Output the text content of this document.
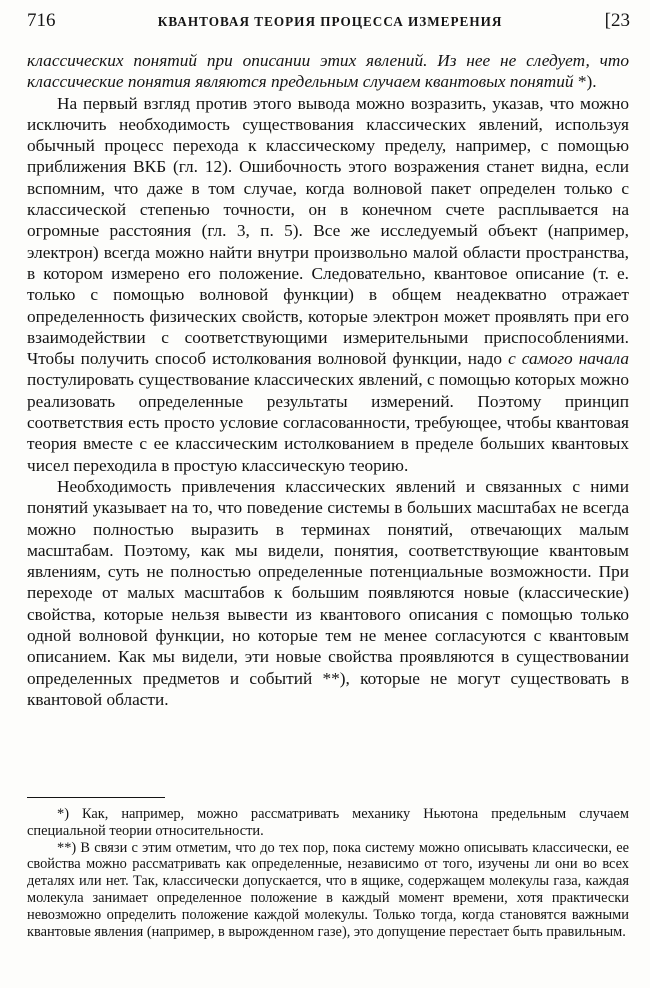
716	КВАНТОВАЯ ТЕОРИЯ ПРОЦЕССА ИЗМЕРЕНИЯ	[23

классических понятий при описании этих явлений. Из нее не следует, что классические понятия являются предельным случаем квантовых понятий *).

На первый взгляд против этого вывода можно возразить, указав, что можно исключить необходимость существования классических явлений, используя обычный процесс перехода к классическому пределу, например, с помощью приближения ВКБ (гл. 12). Ошибочность этого возражения станет видна, если вспомним, что даже в том случае, когда волновой пакет определен только с классической степенью точности, он в конечном счете расплывается на огромные расстояния (гл. 3, п. 5). Все же исследуемый объект (например, электрон) всегда можно найти внутри произвольно малой области пространства, в котором измерено его положение. Следовательно, квантовое описание (т. е. только с помощью волновой функции) в общем неадекватно отражает определенность физических свойств, которые электрон может проявлять при его взаимодействии с соответствующими измерительными приспособлениями. Чтобы получить способ истолкования волновой функции, надо с самого начала постулировать существование классических явлений, с помощью которых можно реализовать определенные результаты измерений. Поэтому принцип соответствия есть просто условие согласованности, требующее, чтобы квантовая теория вместе с ее классическим истолкованием в пределе больших квантовых чисел переходила в простую классическую теорию.

Необходимость привлечения классических явлений и связанных с ними понятий указывает на то, что поведение системы в больших масштабах не всегда можно полностью выразить в терминах понятий, отвечающих малым масштабам. Поэтому, как мы видели, понятия, соответствующие квантовым явлениям, суть не полностью определенные потенциальные возможности. При переходе от малых масштабов к большим появляются новые (классические) свойства, которые нельзя вывести из квантового описания с помощью только одной волновой функции, но которые тем не менее согласуются с квантовым описанием. Как мы видели, эти новые свойства проявляются в существовании определенных предметов и событий **), которые не могут существовать в квантовой области.

*) Как, например, можно рассматривать механику Ньютона предельным случаем специальной теории относительности.

**) В связи с этим отметим, что до тех пор, пока систему можно описывать классически, ее свойства можно рассматривать как определенные, независимо от того, изучены ли они во всех деталях или нет. Так, классически допускается, что в ящике, содержащем молекулы газа, каждая молекула занимает определенное положение в каждый момент времени, хотя практически невозможно определить положение каждой молекулы. Только тогда, когда становятся важными квантовые явления (например, в вырожденном газе), это допущение перестает быть правильным.
